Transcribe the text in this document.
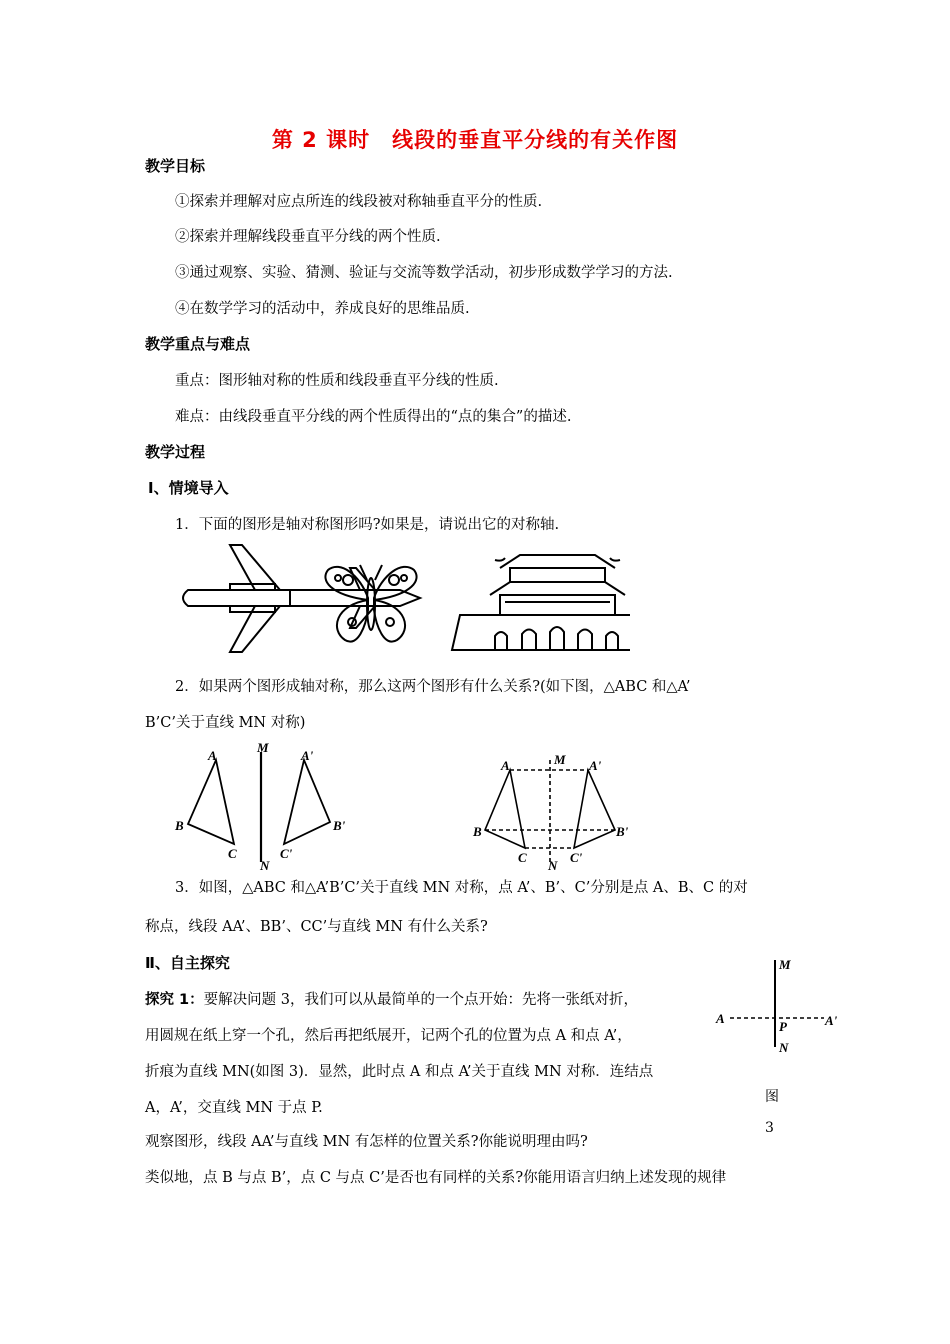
第 2 课时　线段的垂直平分线的有关作图
教学目标
①探索并理解对应点所连的线段被对称轴垂直平分的性质.
②探索并理解线段垂直平分线的两个性质.
③通过观察、实验、猜测、验证与交流等数学活动，初步形成数学学习的方法.
④在数学学习的活动中，养成良好的思维品质.
教学重点与难点
重点：图形轴对称的性质和线段垂直平分线的性质.
难点：由线段垂直平分线的两个性质得出的“点的集合”的描述.
教学过程
Ⅰ、情境导入
1．下面的图形是轴对称图形吗?如果是，请说出它的对称轴.
2．如果两个图形成轴对称，那么这两个图形有什么关系?(如下图，△ABC 和△A’
B’C’关于直线 MN 对称)
A
B
C
M
N
A'
B'
C'
A
B
C
M
N
A'
B'
C'
3．如图，△ABC 和△A’B’C’关于直线 MN 对称，点 A’、B’、C’分别是点 A、B、C 的对
称点，线段 AA’、BB’、CC’与直线 MN 有什么关系?
Ⅱ、自主探究
探究 1：要解决问题 3，我们可以从最简单的一个点开始：先将一张纸对折，
用圆规在纸上穿一个孔，然后再把纸展开，记两个孔的位置为点 A 和点 A’，
折痕为直线 MN(如图 3)．显然，此时点 A 和点 A’关于直线 MN 对称．连结点
A，A’，交直线 MN 于点 P.
观察图形，线段 AA’与直线 MN 有怎样的位置关系?你能说明理由吗?
类似地，点 B 与点 B’，点 C 与点 C’是否也有同样的关系?你能用语言归纳上述发现的规律
M
N
A	A'
P
图
3
